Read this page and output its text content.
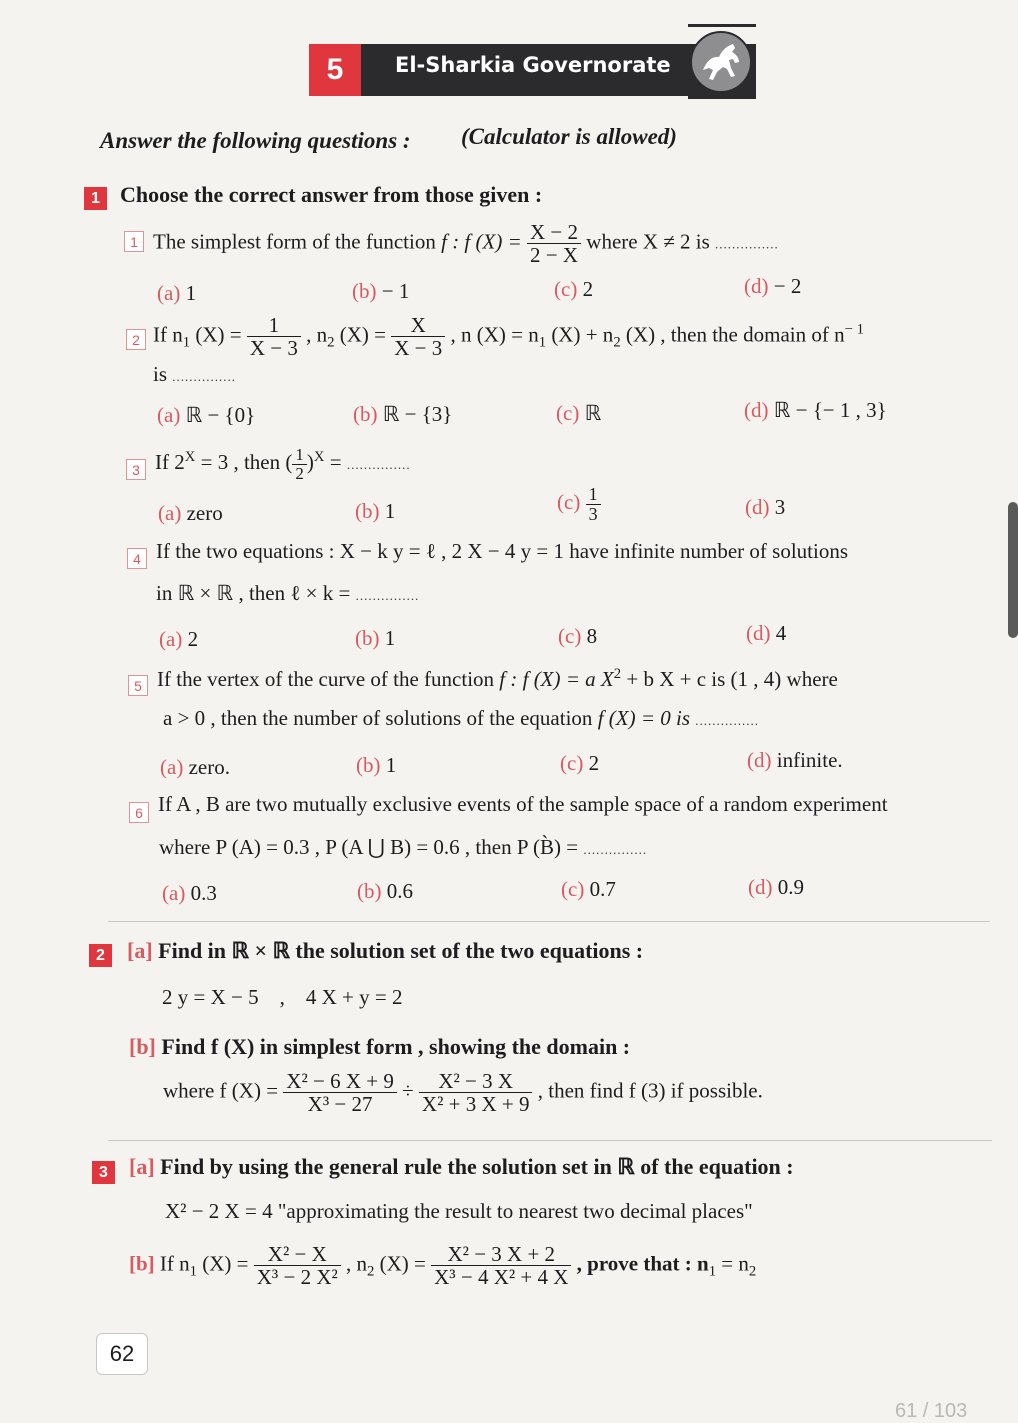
5	El-Sharkia Governorate
Answer the following questions : (Calculator is allowed)
1 Choose the correct answer from those given :
1 The simplest form of the function f : f $(X) = \frac{X - 2}{2 - X}$ where X ≠ 2 is ...............
(a) 1	(b) − 1	(c) 2	(d) − 2
2 If $n_1$ $(X) = \frac{1}{X - 3}$ , $n_2$ $(X) = \frac{X}{X - 3}$ , n $(X) = n_1$ $(X) + n_2$ (X) , then the domain of $n^{- 1}$
is ...............
(a) ℝ − {0}	(b) ℝ − {3}	(c) ℝ	(d) ℝ − {− 1 , 3}
3 If $2^X = 3$ , then ( $\frac{1}{2} )^X$ = ...............
(a) zero	(b) 1	$(c) \frac{1}{3}$	(d) 3
4 If the two equations : X − k y = ℓ , 2 X − 4 y = 1 have infinite number of solutions
in ℝ × ℝ , then ℓ × k = ...............
(a) 2	(b) 1	(c) 8	(d) 4
5 If the vertex of the curve of the function f : f (X) = a $X^2 + b$ X + c is (1 , 4) where
a > 0 , then the number of solutions of the equation f (X) = 0 is ...............
(a) zero.	(b) 1	(c) 2	(d) infinite.
6 If A , B are two mutually exclusive events of the sample space of a random experiment
where P (A) = 0.3 , P (A ⋃ B) = 0.6 , then P (B̀) = ...............
(a) 0.3	(b) 0.6	(c) 0.7	(d) 0.9
2	[a] Find in ℝ × ℝ the solution set of the two equations :
2 y = X − 5 , 4 X + y = 2
[b] Find f (X) in simplest form , showing the domain :
where f $(X) = \frac{\text{X² − 6 X + 9}}{\text{X³ − 27}} \div \frac{\text{X² − 3 X}}{\text{X² + 3 X + 9}}$ , then find f (3) if possible.
3 [a] Find by using the general rule the solution set in ℝ of the equation :
X² − 2 X = 4 "approximating the result to nearest two decimal places"
[b] If $n_1$ $(X) = \frac{\text{X² − X}}{\text{X³ − 2 X²}}$ , $n_2$ $(X) = \frac{\text{X² − 3 X + 2}}{\text{X³ − 4 X² + 4 X}}$ , prove that : $n_1 = n_2$
62
61 / 103
